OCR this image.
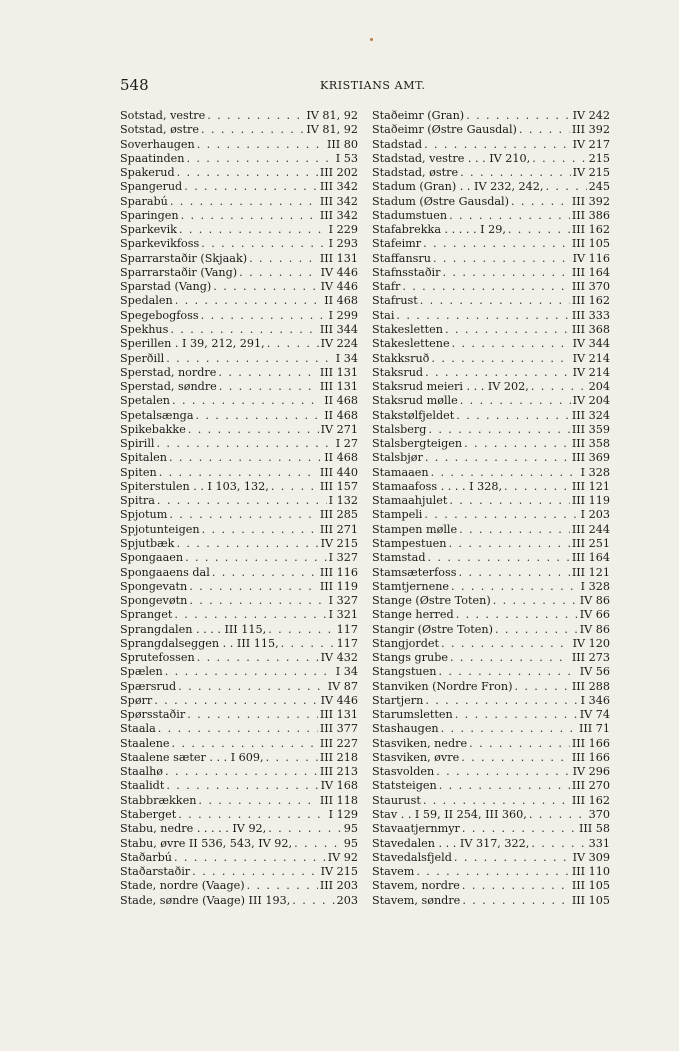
548	KRISTIANS AMT.
Sotstad, vestre . . .	IV 81, 92
Sotstad, østre . . .	IV 81, 92
Soverhaugen . . .	III 80
Spaatinden . . .	I 53
Spakerud . . .	III 202
Spangerud . . .	III 342
Sparabú . . .	III 342
Sparingen . . .	III 342
Sparkevik . . .	I 229
Sparkevikfoss . . .	I 293
Sparrarstaðir (Skjaak) . . .	III 131
Sparrarstaðir (Vang) . . .	IV 446
Sparstad (Vang) . . .	IV 446
Spedalen . . .	II 468
Spegebogfoss . . .	I 299
Spekhus . . .	III 344
Sperillen . I 39, 212, 291, . . .	IV 224
Sperðill . . .	I 34
Sperstad, nordre . . .	III 131
Sperstad, søndre . . .	III 131
Spetalen . . .	II 468
Spetalsænga . . .	II 468
Spikebakke . . .	IV 271
Spirill . . .	I 27
Spitalen . . .	II 468
Spiten . . .	III 440
Spiterstulen . . I 103, 132, . . .	III 157
Spitra . . .	I 132
Spjotum . . .	III 285
Spjotunteigen . . .	III 271
Spjutbæk . . .	IV 215
Spongaaen . . .	I 327
Spongaaens dal . . .	III 116
Spongevatn . . .	III 119
Spongevøtn . . .	I 327
Spranget . . .	I 321
Sprangdalen . . . . III 115, . . .	117
Sprangdalseggen . . III 115, . . .	117
Sprutefossen . . .	IV 432
Spælen . . .	I 34
Spærsrud . . .	IV 87
Spørr . . .	IV 446
Spørsstaðir . . .	III 131
Staala . . .	III 377
Staalene . . .	III 227
Staalene sæter . . . I 609, . . .	III 218
Staalhø . . .	III 213
Staalidt . . .	IV 168
Stabbrækken . . .	III 118
Staberget . . .	I 129
Stabu, nedre . . . . . IV 92, . . .	95
Stabu, øvre II 536, 543, IV 92, . . .	95
Staðarbú . . .	IV 92
Staðarstaðir . . .	IV 215
Stade, nordre (Vaage) . . .	III 203
Stade, søndre (Vaage) III 193, . . .	203
Staðeimr (Gran) . . .	IV 242
Staðeimr (Østre Gausdal) . . .	III 392
Stadstad . . .	IV 217
Stadstad, vestre . . . IV 210, . . .	215
Stadstad, østre . . .	IV 215
Stadum (Gran) . . IV 232, 242, . . .	245
Stadum (Østre Gausdal) . . .	III 392
Stadumstuen . . .	III 386
Stafabrekka . . . . . I 29, . . .	III 162
Stafeimr . . .	III 105
Staffansru . . .	IV 116
Stafnsstaðir . . .	III 164
Stafr . . .	III 370
Stafrust . . .	III 162
Stai . . .	III 333
Stakesletten . . .	III 368
Stakeslettene . . .	IV 344
Stakksruð . . .	IV 214
Staksrud . . .	IV 214
Staksrud meieri . . . IV 202, . . .	204
Staksrud mølle . . .	IV 204
Stakstølfjeldet . . .	III 324
Stalsberg . . .	III 359
Stalsbergteigen . . .	III 358
Stalsbjør . . .	III 369
Stamaaen . . .	I 328
Stamaafoss . . . . I 328, . . .	III 121
Stamaahjulet . . .	III 119
Stampeli . . .	I 203
Stampen mølle . . .	III 244
Stampestuen . . .	III 251
Stamstad . . .	III 164
Stamsæterfoss . . .	III 121
Stamtjernene . . .	I 328
Stange (Østre Toten) . . .	IV 86
Stange herred . . .	IV 66
Stangir (Østre Toten) . . .	IV 86
Stangjordet . . .	IV 120
Stangs grube . . .	III 273
Stangstuen . . .	IV 56
Stanviken (Nordre Fron) . . .	III 288
Startjern . . .	I 346
Starumsletten . . .	IV 74
Stashaugen . . .	III 71
Stasviken, nedre . . .	III 166
Stasviken, øvre . . .	III 166
Stasvolden . . .	IV 296
Statsteigen . . .	III 270
Staurust . . .	III 162
Stav . . I 59, II 254, III 360, . . .	370
Stavaatjernmyr . . .	III 58
Stavedalen . . . IV 317, 322, . . .	331
Stavedalsfjeld . . .	IV 309
Stavem . . .	III 110
Stavem, nordre . . .	III 105
Stavem, søndre . . .	III 105
